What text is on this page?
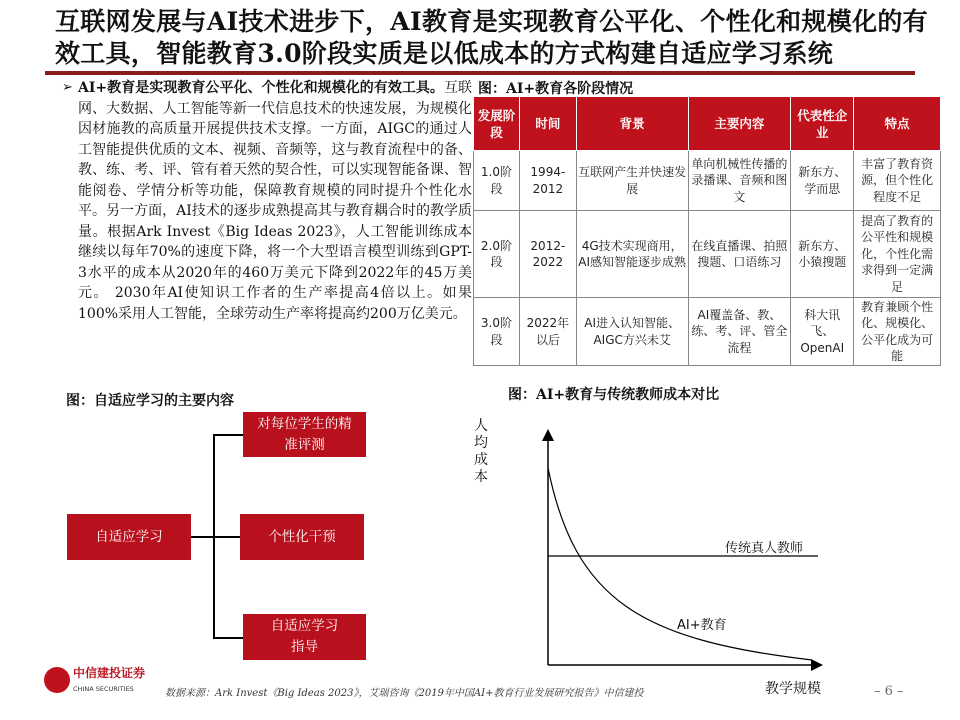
互联网发展与AI技术进步下，AI教育是实现教育公平化、个性化和规模化的有效工具，智能教育3.0阶段实质是以低成本的方式构建自适应学习系统
➢ AI+教育是实现教育公平化、个性化和规模化的有效工具。互联网、大数据、人工智能等新一代信息技术的快速发展，为规模化因材施教的高质量开展提供技术支撑。一方面，AIGC的通过人工智能提供优质的文本、视频、音频等，这与教育流程中的备、教、练、考、评、管有着天然的契合性，可以实现智能备课、智能阅卷、学情分析等功能，保障教育规模的同时提升个性化水平。另一方面，AI技术的逐步成熟提高其与教育耦合时的教学质量。根据Ark Invest《Big Ideas 2023》，人工智能训练成本继续以每年70%的速度下降，将一个大型语言模型训练到GPT-3水平的成本从2020年的460万美元下降到2022年的45万美元。 2030年AI使知识工作者的生产率提高4倍以上。如果100%采用人工智能，全球劳动生产率将提高约200万亿美元。
图：AI+教育各阶段情况
发展阶段	时间	背景	主要内容	代表性企业	特点
1.0阶段	1994-2012	互联网产生并快速发展	单向机械性传播的录播课、音频和图文	新东方、学而思	丰富了教育资源，但个性化程度不足
2.0阶段	2012-2022	4G技术实现商用，AI感知智能逐步成熟	在线直播课、拍照搜题、口语练习	新东方、小猿搜题	提高了教育的公平性和规模化，个性化需求得到一定满足
3.0阶段	2022年以后	AI进入认知智能、AIGC方兴未艾	AI覆盖备、教、练、考、评、管全流程	科大讯飞、OpenAI	教育兼顾个性化、规模化、公平化成为可能
图：自适应学习的主要内容
自适应学习
对每位学生的精准评测
个性化干预
自适应学习指导
图：AI+教育与传统教师成本对比
人均成本
传统真人教师
AI+教育
教学规模
中信建投证券
CHINA SECURITIES	数据来源：Ark Invest《Big Ideas 2023》，艾瑞咨询《2019年中国AI+教育行业发展研究报告》中信建投	– 6 –
